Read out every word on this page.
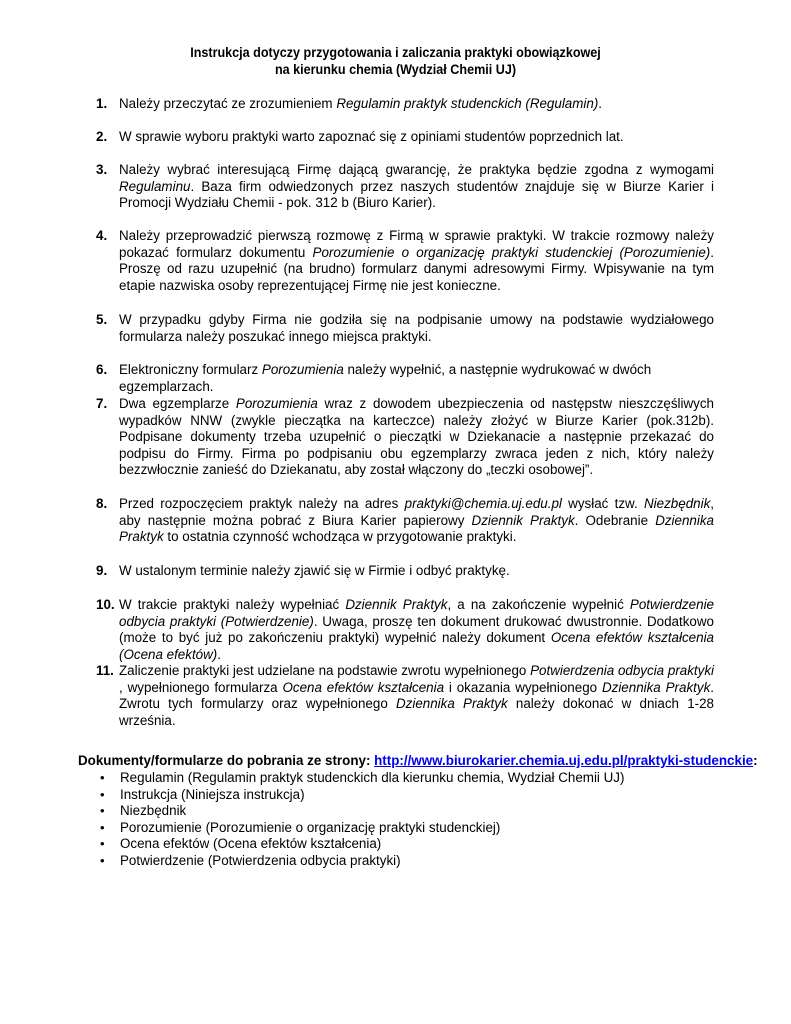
Instrukcja dotyczy przygotowania i zaliczania praktyki obowiązkowej
na kierunku chemia (Wydział Chemii UJ)
1. Należy przeczytać ze zrozumieniem Regulamin praktyk studenckich (Regulamin).
2. W sprawie wyboru praktyki warto zapoznać się z opiniami studentów poprzednich lat.
3. Należy wybrać interesującą Firmę dającą gwarancję, że praktyka będzie zgodna z wymogami Regulaminu. Baza firm odwiedzonych przez naszych studentów znajduje się w Biurze Karier i Promocji Wydziału Chemii - pok. 312 b (Biuro Karier).
4. Należy przeprowadzić pierwszą rozmowę z Firmą w sprawie praktyki. W trakcie rozmowy należy pokazać formularz dokumentu Porozumienie o organizację praktyki studenckiej (Porozumienie). Proszę od razu uzupełnić (na brudno) formularz danymi adresowymi Firmy. Wpisywanie na tym etapie nazwiska osoby reprezentującej Firmę nie jest konieczne.
5. W przypadku gdyby Firma nie godziła się na podpisanie umowy na podstawie wydziałowego formularza należy poszukać innego miejsca praktyki.
6. Elektroniczny formularz Porozumienia należy wypełnić, a następnie wydrukować w dwóch egzemplarzach.
7. Dwa egzemplarze Porozumienia wraz z dowodem ubezpieczenia od następstw nieszczęśliwych wypadków NNW (zwykle pieczątka na karteczce) należy złożyć w Biurze Karier (pok.312b). Podpisane dokumenty trzeba uzupełnić o pieczątki w Dziekanacie a następnie przekazać do podpisu do Firmy. Firma po podpisaniu obu egzemplarzy zwraca jeden z nich, który należy bezzwłocznie zanieść do Dziekanatu, aby został włączony do „teczki osobowej”.
8. Przed rozpoczęciem praktyk należy na adres praktyki@chemia.uj.edu.pl wysłać tzw. Niezbędnik, aby następnie można pobrać z Biura Karier papierowy Dziennik Praktyk. Odebranie Dziennika Praktyk to ostatnia czynność wchodząca w przygotowanie praktyki.
9. W ustalonym terminie należy zjawić się w Firmie i odbyć praktykę.
10. W trakcie praktyki należy wypełniać Dziennik Praktyk, a na zakończenie wypełnić Potwierdzenie odbycia praktyki (Potwierdzenie). Uwaga, proszę ten dokument drukować dwustronnie. Dodatkowo (może to być już po zakończeniu praktyki) wypełnić należy dokument Ocena efektów kształcenia (Ocena efektów).
11. Zaliczenie praktyki jest udzielane na podstawie zwrotu wypełnionego Potwierdzenia odbycia praktyki , wypełnionego formularza Ocena efektów kształcenia i okazania wypełnionego Dziennika Praktyk. Zwrotu tych formularzy oraz wypełnionego Dziennika Praktyk należy dokonać w dniach 1-28 września.
Dokumenty/formularze do pobrania ze strony: http://www.biurokarier.chemia.uj.edu.pl/praktyki-studenckie:
• Regulamin (Regulamin praktyk studenckich dla kierunku chemia, Wydział Chemii UJ)
• Instrukcja (Niniejsza instrukcja)
• Niezbędnik
• Porozumienie (Porozumienie o organizację praktyki studenckiej)
• Ocena efektów (Ocena efektów kształcenia)
• Potwierdzenie (Potwierdzenia odbycia praktyki)
